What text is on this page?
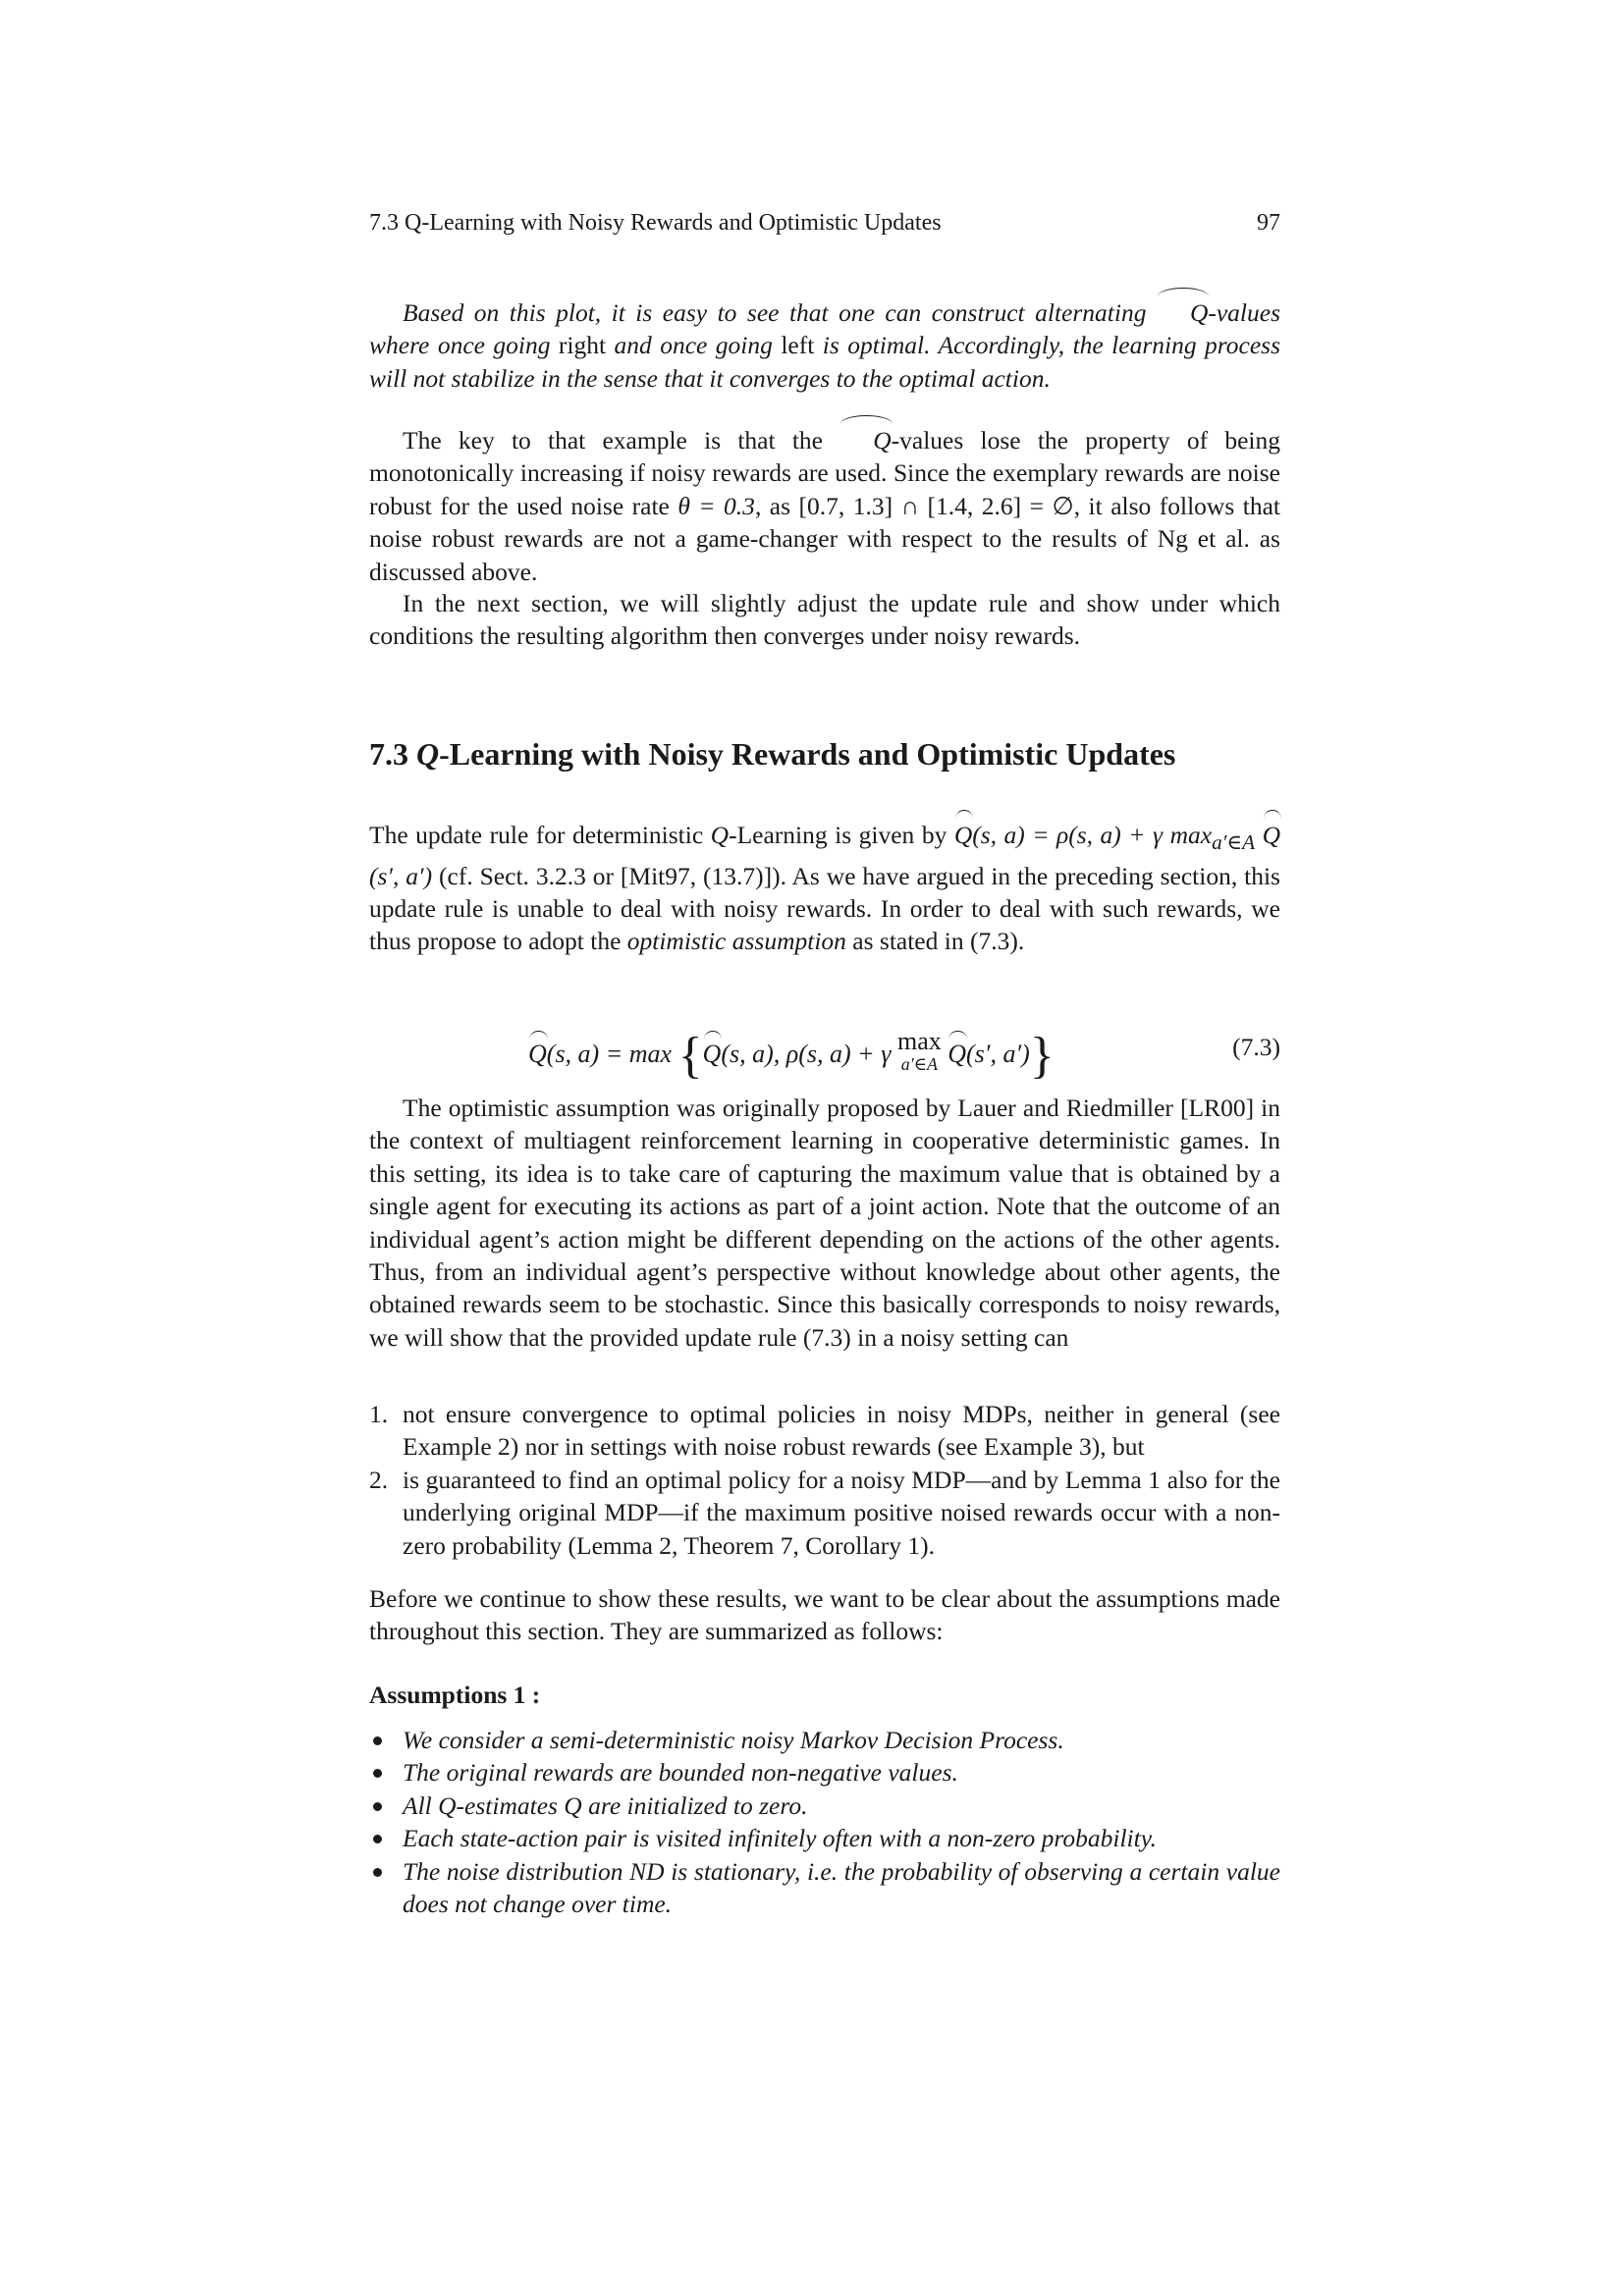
7.3 Q-Learning with Noisy Rewards and Optimistic Updates	97

Based on this plot, it is easy to see that one can construct alternating Q-values where once going right and once going left is optimal. Accordingly, the learning process will not stabilize in the sense that it converges to the optimal action.

The key to that example is that the Q-values lose the property of being monotonically increasing if noisy rewards are used. Since the exemplary rewards are noise robust for the used noise rate θ = 0.3, as [0.7, 1.3] ∩ [1.4, 2.6] = ∅, it also follows that noise robust rewards are not a game-changer with respect to the results of Ng et al. as discussed above.

In the next section, we will slightly adjust the update rule and show under which conditions the resulting algorithm then converges under noisy rewards.

7.3 Q-Learning with Noisy Rewards and Optimistic Updates

The update rule for deterministic Q-Learning is given by Q(s, a) = ρ(s, a) + γ $\max_{a'\in A} Q(s'$, a′) (cf. Sect. 3.2.3 or [Mit97, (13.7)]). As we have argued in the preceding section, this update rule is unable to deal with noisy rewards. In order to deal with such rewards, we thus propose to adopt the optimistic assumption as stated in (7.3).

Q(s, a) = max {Q(s, a), ρ(s, a) + γ max
a′∈A Q(s′, a′)}	(7.3)

The optimistic assumption was originally proposed by Lauer and Riedmiller [LR00] in the context of multiagent reinforcement learning in cooperative deterministic games. In this setting, its idea is to take care of capturing the maximum value that is obtained by a single agent for executing its actions as part of a joint action. Note that the outcome of an individual agent’s action might be different depending on the actions of the other agents. Thus, from an individual agent’s perspective without knowledge about other agents, the obtained rewards seem to be stochastic. Since this basically corresponds to noisy rewards, we will show that the provided update rule (7.3) in a noisy setting can

1. not ensure convergence to optimal policies in noisy MDPs, neither in general (see Example 2) nor in settings with noise robust rewards (see Example 3), but
2. is guaranteed to find an optimal policy for a noisy MDP—and by Lemma 1 also for the underlying original MDP—if the maximum positive noised rewards occur with a non-zero probability (Lemma 2, Theorem 7, Corollary 1).

Before we continue to show these results, we want to be clear about the assumptions made throughout this section. They are summarized as follows:

Assumptions 1 :

We consider a semi-deterministic noisy Markov Decision Process.
The original rewards are bounded non-negative values.
All Q-estimates Q are initialized to zero.
Each state-action pair is visited infinitely often with a non-zero probability.
The noise distribution ND is stationary, i.e. the probability of observing a certain value does not change over time.
